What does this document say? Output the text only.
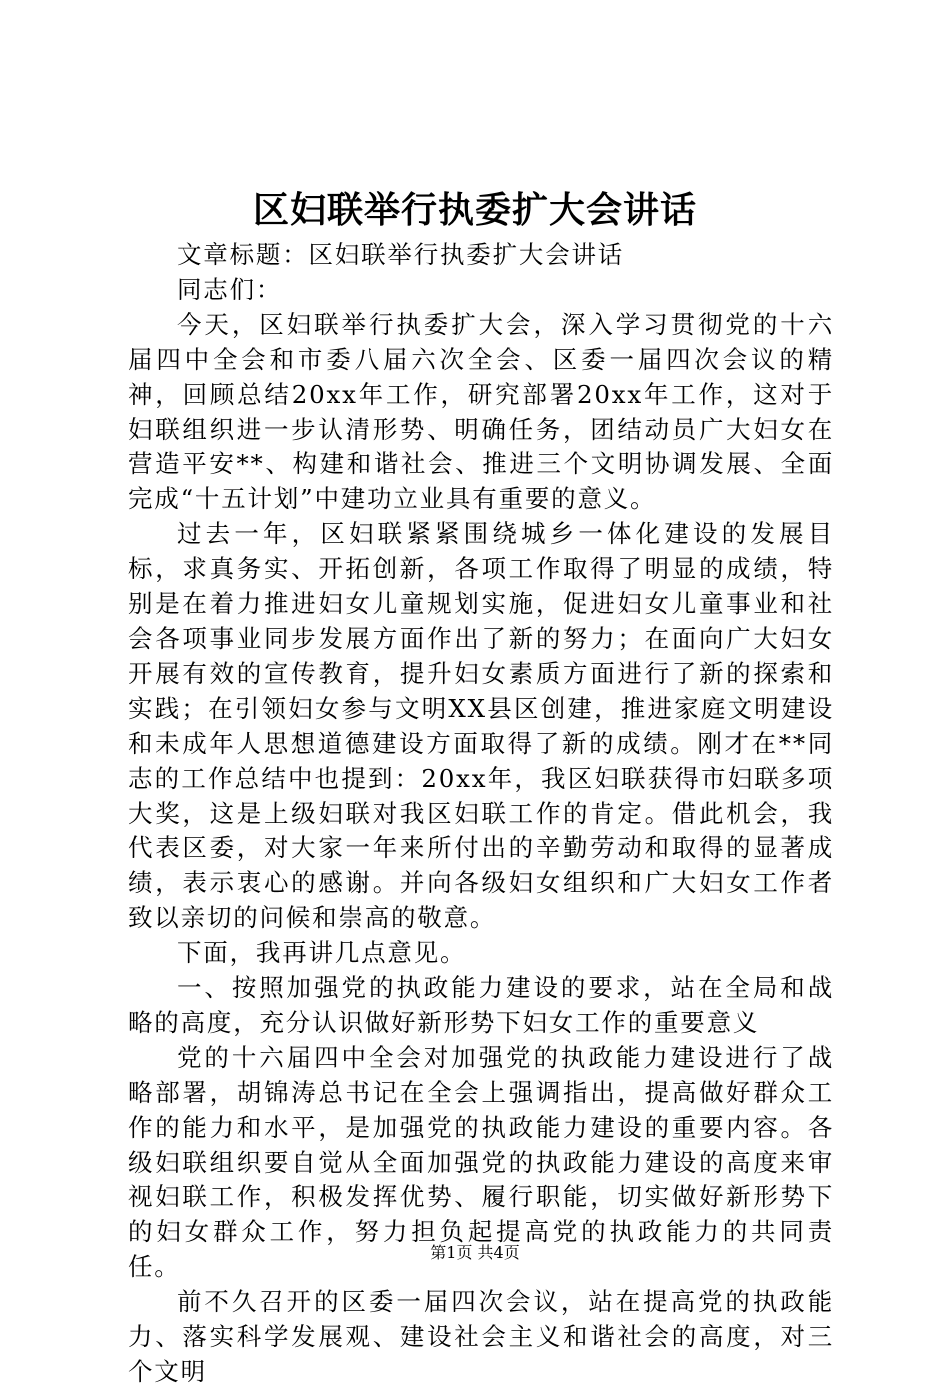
区妇联举行执委扩大会讲话

文章标题：区妇联举行执委扩大会讲话

同志们：

今天，区妇联举行执委扩大会，深入学习贯彻党的十六届四中全会和市委八届六次全会、区委一届四次会议的精神，回顾总结20xx年工作，研究部署20xx年工作，这对于妇联组织进一步认清形势、明确任务，团结动员广大妇女在营造平安**、构建和谐社会、推进三个文明协调发展、全面完成“十五计划”中建功立业具有重要的意义。

过去一年，区妇联紧紧围绕城乡一体化建设的发展目标，求真务实、开拓创新，各项工作取得了明显的成绩，特别是在着力推进妇女儿童规划实施，促进妇女儿童事业和社会各项事业同步发展方面作出了新的努力；在面向广大妇女开展有效的宣传教育，提升妇女素质方面进行了新的探索和实践；在引领妇女参与文明XX县区创建，推进家庭文明建设和未成年人思想道德建设方面取得了新的成绩。刚才在**同志的工作总结中也提到：20xx年，我区妇联获得市妇联多项大奖，这是上级妇联对我区妇联工作的肯定。借此机会，我代表区委，对大家一年来所付出的辛勤劳动和取得的显著成绩，表示衷心的感谢。并向各级妇女组织和广大妇女工作者致以亲切的问候和崇高的敬意。

下面，我再讲几点意见。

一、按照加强党的执政能力建设的要求，站在全局和战略的高度，充分认识做好新形势下妇女工作的重要意义

党的十六届四中全会对加强党的执政能力建设进行了战略部署，胡锦涛总书记在全会上强调指出，提高做好群众工作的能力和水平，是加强党的执政能力建设的重要内容。各级妇联组织要自觉从全面加强党的执政能力建设的高度来审视妇联工作，积极发挥优势、履行职能，切实做好新形势下的妇女群众工作，努力担负起提高党的执政能力的共同责任。

前不久召开的区委一届四次会议，站在提高党的执政能力、落实科学发展观、建设社会主义和谐社会的高度，对三个文明

第1页 共4页
